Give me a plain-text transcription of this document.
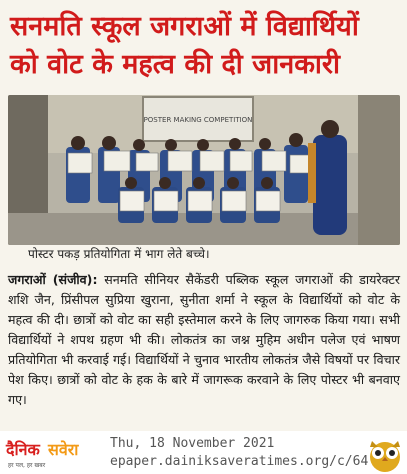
सनमति स्कूल जगराओं में विद्यार्थियों
को वोट के महत्व की दी जानकारी
POSTER MAKING COMPETITION
पोस्टर पकड़ प्रतियोगिता में भाग लेते बच्चे।
जगराओं (संजीव): सनमति सीनियर सैकेंडरी पब्लिक स्कूल जगराओं की डायरेक्टर शशि जैन, प्रिंसीपल सुप्रिया खुराना, सुनीता शर्मा ने स्कूल के विद्यार्थियों को वोट के महत्व की दी। छात्रों को वोट का सही इस्तेमाल करने के लिए जागरुक किया गया। सभी विद्यार्थियों ने शपथ ग्रहण भी की। लोकतंत्र का जश्न मुहिम अधीन पलेज एवं भाषण प्रतियोगिता भी करवाई गई। विद्यार्थियों ने चुनाव भारतीय लोकतंत्र जैसे विषयों पर विचार पेश किए। छात्रों को वोट के हक के बारे में जागरूक करवाने के लिए पोस्टर भी बनवाए गए।
दैनिक सवेरा
हर पल, हर खबर
Thu, 18 November 2021
epaper.dainiksaveratimes.org/c/64
